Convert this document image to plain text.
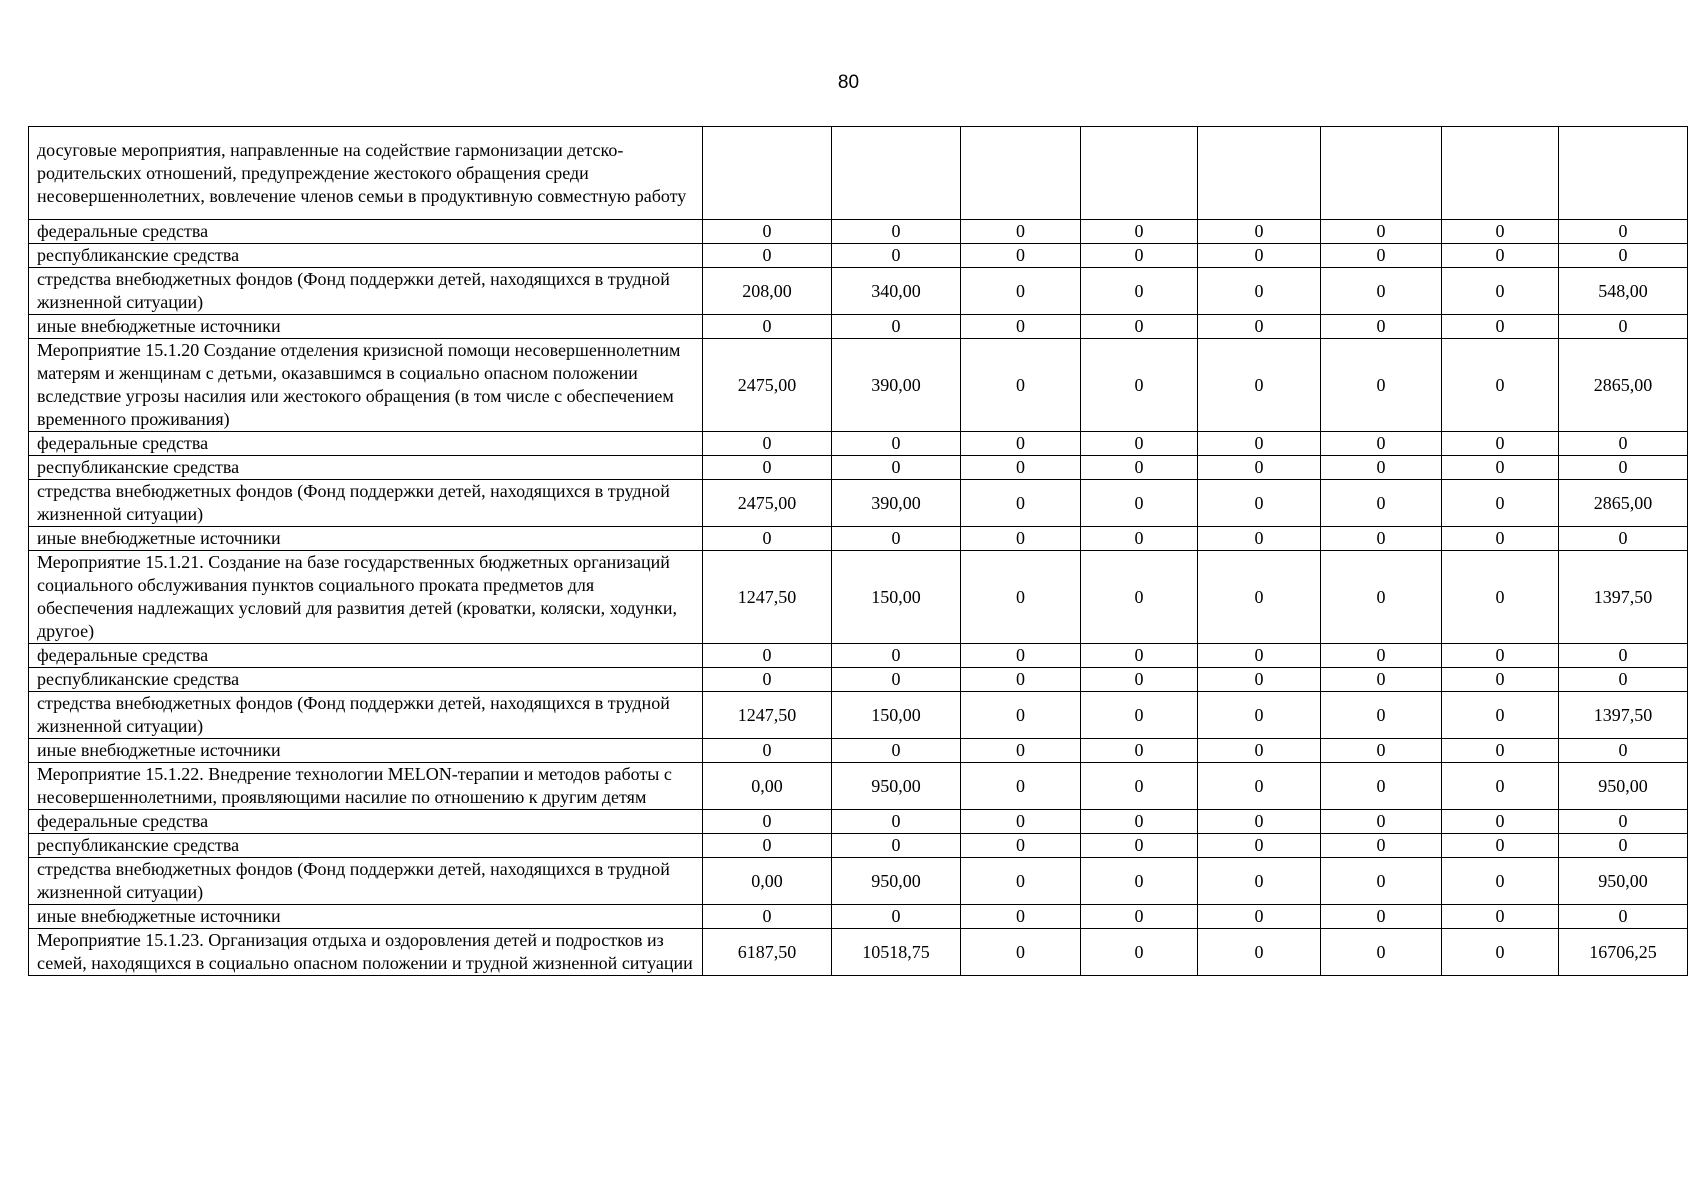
80
досуговые мероприятия, направленные на содействие гармонизации детско-родительских отношений, предупреждение жестокого обращения среди несовершеннолетних, вовлечение членов семьи в продуктивную совместную работу								
федеральные средства	0	0	0	0	0	0	0	0
республиканские средства	0	0	0	0	0	0	0	0
стредства внебюджетных фондов (Фонд поддержки детей, находящихся в трудной жизненной ситуации)	208,00	340,00	0	0	0	0	0	548,00
иные внебюджетные источники	0	0	0	0	0	0	0	0
Мероприятие 15.1.20 Создание отделения кризисной помощи несовершеннолетним матерям и женщинам с детьми, оказавшимся в социально опасном положении вследствие угрозы насилия или жестокого обращения (в том числе с обеспечением временного проживания)	2475,00	390,00	0	0	0	0	0	2865,00
федеральные средства	0	0	0	0	0	0	0	0
республиканские средства	0	0	0	0	0	0	0	0
стредства внебюджетных фондов (Фонд поддержки детей, находящихся в трудной жизненной ситуации)	2475,00	390,00	0	0	0	0	0	2865,00
иные внебюджетные источники	0	0	0	0	0	0	0	0
Мероприятие 15.1.21. Создание на базе государственных бюджетных организаций социального обслуживания пунктов социального проката предметов для обеспечения надлежащих условий для развития детей (кроватки, коляски, ходунки, другое)	1247,50	150,00	0	0	0	0	0	1397,50
федеральные средства	0	0	0	0	0	0	0	0
республиканские средства	0	0	0	0	0	0	0	0
стредства внебюджетных фондов (Фонд поддержки детей, находящихся в трудной жизненной ситуации)	1247,50	150,00	0	0	0	0	0	1397,50
иные внебюджетные источники	0	0	0	0	0	0	0	0
Мероприятие 15.1.22. Внедрение технологии MELON-терапии и методов работы с несовершеннолетними, проявляющими насилие по отношению к другим детям	0,00	950,00	0	0	0	0	0	950,00
федеральные средства	0	0	0	0	0	0	0	0
республиканские средства	0	0	0	0	0	0	0	0
стредства внебюджетных фондов (Фонд поддержки детей, находящихся в трудной жизненной ситуации)	0,00	950,00	0	0	0	0	0	950,00
иные внебюджетные источники	0	0	0	0	0	0	0	0
Мероприятие 15.1.23. Организация отдыха и оздоровления детей и подростков из семей, находящихся в социально опасном положении и трудной жизненной ситуации	6187,50	10518,75	0	0	0	0	0	16706,25
